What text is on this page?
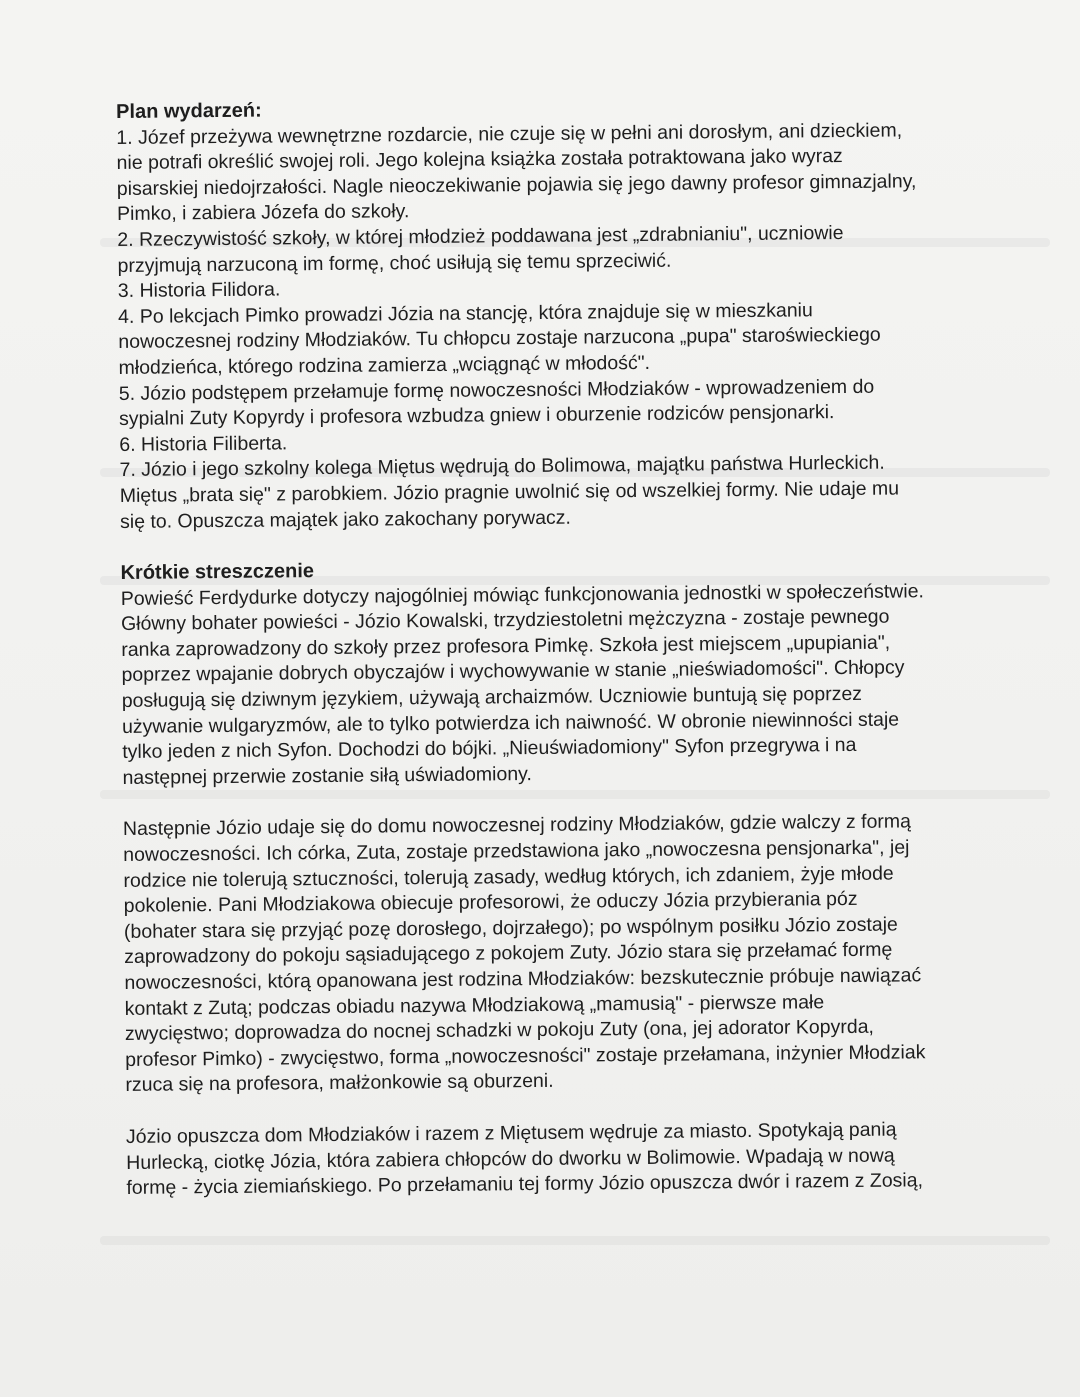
Plan wydarzeń:

1. Józef przeżywa wewnętrzne rozdarcie, nie czuje się w pełni ani dorosłym, ani dzieckiem,

nie potrafi określić swojej roli. Jego kolejna książka została potraktowana jako wyraz

pisarskiej niedojrzałości. Nagle nieoczekiwanie pojawia się jego dawny profesor gimnazjalny,

Pimko, i zabiera Józefa do szkoły.

2. Rzeczywistość szkoły, w której młodzież poddawana jest „zdrabnianiu", uczniowie

przyjmują narzuconą im formę, choć usiłują się temu sprzeciwić.

3. Historia Filidora.

4. Po lekcjach Pimko prowadzi Józia na stancję, która znajduje się w mieszkaniu

nowoczesnej rodziny Młodziaków. Tu chłopcu zostaje narzucona „pupa" staroświeckiego

młodzieńca, którego rodzina zamierza „wciągnąć w młodość".

5. Józio podstępem przełamuje formę nowoczesności Młodziaków - wprowadzeniem do

sypialni Zuty Kopyrdy i profesora wzbudza gniew i oburzenie rodziców pensjonarki.

6. Historia Filiberta.

7. Józio i jego szkolny kolega Miętus wędrują do Bolimowa, majątku państwa Hurleckich.

Miętus „brata się" z parobkiem. Józio pragnie uwolnić się od wszelkiej formy. Nie udaje mu

się to. Opuszcza majątek jako zakochany porywacz.

Krótkie streszczenie

Powieść Ferdydurke dotyczy najogólniej mówiąc funkcjonowania jednostki w społeczeństwie.

Główny bohater powieści - Józio Kowalski, trzydziestoletni mężczyzna - zostaje pewnego

ranka zaprowadzony do szkoły przez profesora Pimkę. Szkoła jest miejscem „upupiania",

poprzez wpajanie dobrych obyczajów i wychowywanie w stanie „nieświadomości". Chłopcy

posługują się dziwnym językiem, używają archaizmów. Uczniowie buntują się poprzez

używanie wulgaryzmów, ale to tylko potwierdza ich naiwność. W obronie niewinności staje

tylko jeden z nich Syfon. Dochodzi do bójki. „Nieuświadomiony" Syfon przegrywa i na

następnej przerwie zostanie siłą uświadomiony.

Następnie Józio udaje się do domu nowoczesnej rodziny Młodziaków, gdzie walczy z formą

nowoczesności. Ich córka, Zuta, zostaje przedstawiona jako „nowoczesna pensjonarka", jej

rodzice nie tolerują sztuczności, tolerują zasady, według których, ich zdaniem, żyje młode

pokolenie. Pani Młodziakowa obiecuje profesorowi, że oduczy Józia przybierania póz

(bohater stara się przyjąć pozę dorosłego, dojrzałego); po wspólnym posiłku Józio zostaje

zaprowadzony do pokoju sąsiadującego z pokojem Zuty. Józio stara się przełamać formę

nowoczesności, którą opanowana jest rodzina Młodziaków: bezskutecznie próbuje nawiązać

kontakt z Zutą; podczas obiadu nazywa Młodziakową „mamusią" - pierwsze małe

zwycięstwo; doprowadza do nocnej schadzki w pokoju Zuty (ona, jej adorator Kopyrda,

profesor Pimko) - zwycięstwo, forma „nowoczesności" zostaje przełamana, inżynier Młodziak

rzuca się na profesora, małżonkowie są oburzeni.

Józio opuszcza dom Młodziaków i razem z Miętusem wędruje za miasto. Spotykają panią

Hurlecką, ciotkę Józia, która zabiera chłopców do dworku w Bolimowie. Wpadają w nową

formę - życia ziemiańskiego. Po przełamaniu tej formy Józio opuszcza dwór i razem z Zosią,
